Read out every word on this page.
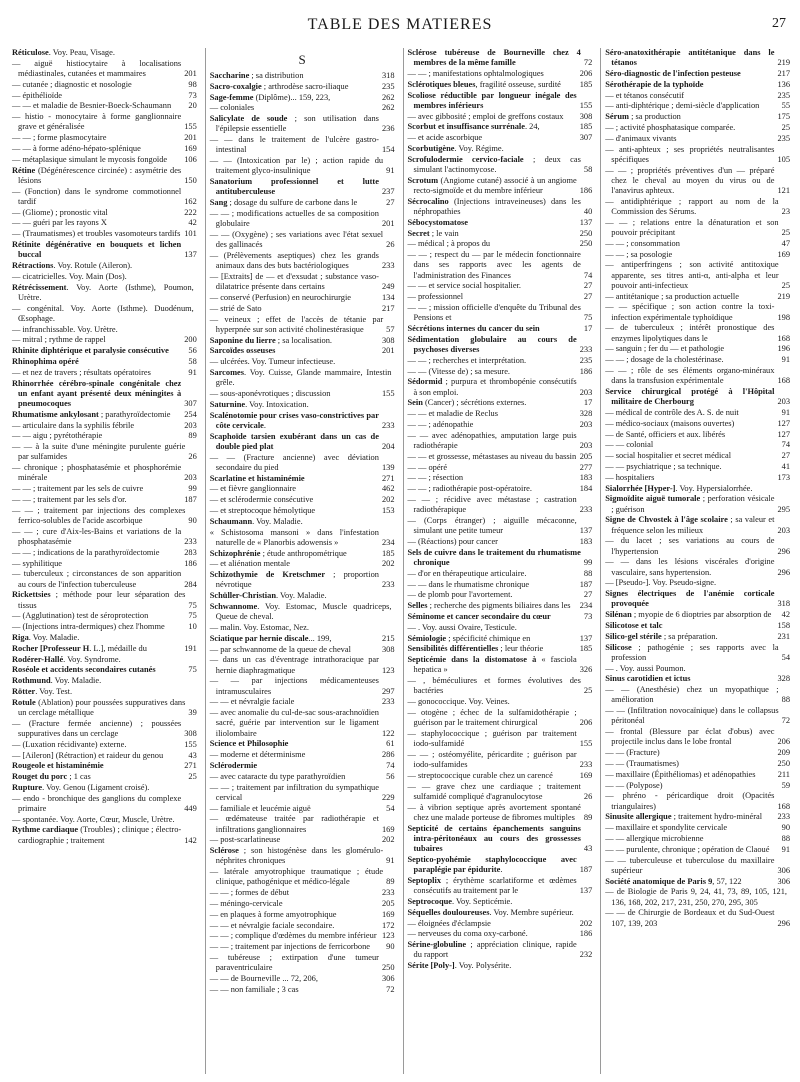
TABLE DES MATIERES	27
Réticulose. Voy. Peau, Visage.
— aiguë histiocytaire à localisations médiastinales, cutanées et mammaires	201
— cutanée ; diagnostic et nosologie	98
— épithélioïde	73
— — et maladie de Besnier-Boeck-Schaumann	20
— histio - monocytaire à forme ganglionnaire grave et généralisée	155
— — ; forme plasmocytaire	201
— — à forme adéno-hépato-splénique	169
— métaplasique simulant le mycosis fongoïde	106
Rétine (Dégénérescence circinée) : asymétrie des lésions	150
— (Fonction) dans le syndrome commotionnel tardif	162
— (Gliome) ; pronostic vital	222
— — guéri par les rayons X	42
— (Traumatismes) et troubles vasomoteurs tardifs 101
Rétinite dégénérative en bouquets et lichen buccal	137
Rétractions. Voy. Rotule (Aileron).
— cicatricielles. Voy. Main (Dos).
Rétrécissement. Voy. Aorte (Isthme), Poumon, Urètre.
— congénital. Voy. Aorte (Isthme). Duodénum, Œsophage.
— infranchissable. Voy. Urètre.
— mitral ; rythme de rappel	200
Rhinite diphtérique et paralysie consécutive	56
Rhinophima opéré	58
— et nez de travers ; résultats opératoires	91
Rhinorrhée cérébro-spinale congénitale chez un enfant ayant présenté deux méningites à pneumocoques	307
Rhumatisme ankylosant ; parathyroïdectomie	254
— articulaire dans la syphilis fébrile	203
— — aigu ; pyrétothérapie	89
— — à la suite d'une méningite purulente guérie par sulfamides	26
— chronique ; phosphatasémie et phosphorémie minérale	203
— — ; traitement par les sels de cuivre	99
— — ; traitement par les sels d'or.	187
— — ; traitement par injections des complexes ferrico-solubles de l'acide ascorbique	90
— — ; cure d'Aix-les-Bains et variations de la phosphatasémie	233
— — ; indications de la parathyroïdectomie	283
— syphilitique	186
— tuberculeux ; circonstances de son apparition au cours de l'infection tuberculeuse	284
Rickettsies ; méthode pour leur séparation des tissus	75
— (Agglutination) test de séroprotection	75
— (Injections intra-dermiques) chez l'homme	10
Riga. Voy. Maladie.
Rocher [Professeur H. L.], médaille du	191
Rodérer-Hallé. Voy. Syndrome.
Roséole et accidents secondaires cutanés	75
Rothmund. Voy. Maladie.
Rötter. Voy. Test.
Rotule (Ablation) pour poussées suppuratives dans un cerclage métallique	39
— (Fracture fermée ancienne) ; poussées suppuratives dans un cerclage	308
— (Luxation récidivante) externe.	155
— [Aileron] (Rétraction) et raideur du genou	43
Rougeole et histaminémie	271
Rouget du porc ; 1 cas	25
Rupture. Voy. Genou (Ligament croisé).
— endo - bronchique des ganglions du complexe primaire	449
— spontanée. Voy. Aorte, Cœur, Muscle, Urètre.
Rythme cardiaque (Troubles) ; clinique ; électro-cardiographie ; traitement	142
S
Saccharine ; sa distribution	318
Sacro-coxalgie ; arthrodèse sacro-iliaque	235
Sage-femme (Diplôme)... 159, 223,	262
— coloniales	262
Salicylate de soude ; son utilisation dans l'épilepsie essentielle	236
— — dans le traitement de l'ulcère gastro-intestinal	154
— — (Intoxication par le) ; action rapide du traitement glyco-insulinique	91
Sanatorium professionnel et lutte antituberculeuse	237
Sang ; dosage du sulfure de carbone dans le	27
— — ; modifications actuelles de sa composition globulaire	201
— — (Oxygène) ; ses variations avec l'état sexuel des gallinacés	26
— (Prélèvements aseptiques) chez les grands animaux dans des buts bactériologiques	233
— [Extraits] de — et d'exsudat ; substance vaso-dilatatrice présente dans certains	249
— conservé (Perfusion) en neurochirurgie	134
— strié de Sato	217
— veineux ; effet de l'accès de tétanie par hyperpnée sur son activité cholinestérasique	57
Saponine du lierre ; sa localisation.	308
Sarcoïdes osseuses	201
— ulcérées. Voy. Tumeur infectieuse.
Sarcomes. Voy. Cuisse, Glande mammaire, Intestin grêle.
— sous-aponévrotiques ; discussion	155
Saturnine. Voy. Intoxication.
Scalénotomie pour crises vaso-constrictives par côte cervicale.	233
Scaphoïde tarsien exubérant dans un cas de double pied plat	204
— — (Fracture ancienne) avec déviation secondaire du pied	139
Scarlatine et histaminémie	271
— et fièvre ganglionnaire	462
— et sclérodermie consécutive	202
— et streptocoque hémolytique	153
Schaumann. Voy. Maladie.
« Schistosoma mansoni » dans l'infestation naturelle de « Planorbis adowensis »	234
Schizophrénie ; étude anthropométrique	185
— et aliénation mentale	202
Schizothymie de Kretschmer ; proportion névrotique	233
Schüller-Christian. Voy. Maladie.
Schwannome. Voy. Estomac, Muscle quadriceps, Queue de cheval.
— malin. Voy. Estomac, Nez.
Sciatique par hernie discale... 199,	215
— par schwannome de la queue de cheval	308
— dans un cas d'éventrage intrathoracique par hernie diaphragmatique	123
— — par injections médicamenteuses intramusculaires	297
— — et névralgie faciale	233
— avec anomalie du cul-de-sac sous-arachnoïdien sacré, guérie par intervention sur le ligament iliolombaire	122
Science et Philosophie	61
— moderne et déterminisme	286
Sclérodermie	74
— avec cataracte du type parathyroïdien	56
— — ; traitement par infiltration du sympathique cervical	229
— familiale et leucémie aiguë	54
— œdémateuse traitée par radiothérapie et infiltrations ganglionnaires	169
— post-scarlatineuse	202
Sclérose ; son histogénèse dans les glomérulo-néphrites chroniques	91
— latérale amyotrophique traumatique ; étude clinique, pathogénique et médico-légale	89
— — ; formes de début	233
— méningo-cervicale	205
— en plaques à forme amyotrophique	169
— — et névralgie faciale secondaire.	172
— — ; complique d'œdèmes du membre inférieur 123
— — ; traitement par injections de ferricorbone	90
— tubéreuse ; extirpation d'une tumeur paraventriculaire	250
— — de Bourneville ... 72, 206,	306
— — non familiale ; 3 cas	72
Sclérose tubéreuse de Bourneville chez 4 membres de la même famille	72
— — ; manifestations ophtalmologiques	206
Sclérotiques bleues, fragilité osseuse, surdité	185
Scoliose réductible par longueur inégale des membres inférieurs	155
— avec gibbosité ; emploi de greffons costaux	308
Scorbut et insuffisance surrénale. 24,	185
— et acide ascorbique	307
Scorbutigène. Voy. Régime.
Scrofulodermie cervico-faciale ; deux cas simulant l'actinomycose.	58
Scrotum (Angiome cutané) associé à un angiome recto-sigmoïde et du membre inférieur	186
Sécrocalino (Injections intraveineuses) dans les néphropathies	40
Sébocystomatose	137
Secret ; le vain	250
— médical ; à propos du	250
— — ; respect du — par le médecin fonctionnaire dans ses rapports avec les agents de l'administration des Finances	74
— — et service social hospitalier.	27
— professionnel	27
— — ; mission officielle d'enquête du Tribunal des Pensions et	75
Sécrétions internes du cancer du sein	17
Sédimentation globulaire au cours de psychoses diverses	233
— — ; recherches et interprétation.	235
— — (Vitesse de) ; sa mesure.	186
Sédormid ; purpura et thrombopénie consécutifs à son emploi.	203
Sein (Cancer) ; sécrétions externes.	17
— — et maladie de Reclus	328
— — ; adénopathie	203
— — avec adénopathies, amputation large puis radiothérapie	203
— — et grossesse, métastases au niveau du bassin 205
— — opéré	277
— — ; résection	183
— — ; radiothérapie post-opératoire.	184
— — ; récidive avec métastase ; castration radiothérapique	233
— (Corps étranger) ; aiguille mécaconne, simulant une petite tumeur	137
— (Réactions) pour cancer	183
Sels de cuivre dans le traitement du rhumatisme chronique	99
— d'or en thérapeutique articulaire.	88
— — dans le rhumatisme chronique	187
— de plomb pour l'avortement.	27
Selles ; recherche des pigments biliaires dans les	234
Séminome et cancer secondaire du cœur	73
— . Voy. aussi Ovaire, Testicule.
Sémiologie ; spécificité chimique en	137
Sensibilités différentielles ; leur théorie	185
Septicémie dans la distomatose à « fasciola hepatica »	326
— , béméculiures et formes évolutives des bactéries	25
— gonococcique. Voy. Veines.
— otogène ; échec de la sulfamidothérapie ; guérison par le traitement chirurgical	206
— staphylococcique ; guérison par traitement iodo-sulfamidé	155
— — ; ostéomyélite, péricardite ; guérison par iodo-sulfamides	233
— streptococcique curable chez un carencé	169
— — grave chez une cardiaque ; traitement sulfamidé compliqué d'agranulocytose	26
— à vibrion septique après avortement spontané chez une malade porteuse de fibromes multiples	89
Septicité de certains épanchements sanguins intra-péritonéaux au cours des grossesses tubaires	43
Septico-pyohémie staphylococcique avec paraplégie par épidurite.	187
Septoplix ; érythème scarlatiforme et œdèmes consécutifs au traitement par le	137
Septrocoque. Voy. Septicémie.
Séquelles douloureuses. Voy. Membre supérieur.
— éloignées d'éclampsie	202
— nerveuses du coma oxy-carboné.	186
Sérine-globuline ; appréciation clinique, rapide du rapport	232
Sérite [Poly-]. Voy. Polysérite.
Séro-anatoxithérapie antitétanique dans le tétanos	219
Séro-diagnostic de l'infection pesteuse	217
Sérothérapie de la typhoïde	136
— et tétanos consécutif	235
— anti-diphtérique ; demi-siècle d'application	55
Sérum ; sa production	175
— ; activité phosphatasique comparée.	25
— d'animaux vivants	235
— anti-aphteux ; ses propriétés neutralisantes spécifiques	105
— — ; propriétés préventives d'un — préparé chez le cheval au moyen du virus ou de l'anavirus aphteux.	121
— antidiphtérique ; rapport au nom de la Commission des Sérums.	23
— — ; relations entre la dénaturation et son pouvoir précipitant	25
— — ; consommation	47
— — ; sa posologie	169
— antiperfringens ; son activité antitoxique apparente, ses titres anti-α, anti-alpha et leur pouvoir anti-infectieux	25
— antitétanique ; sa production actuelle	219
— — spécifique ; son action contre la toxi-infection expérimentale typhoïdique	198
— de tuberculeux ; intérêt pronostique des enzymes lipolytiques dans le	168
— sanguin ; fer du — et pathologie	196
— — ; dosage de la cholestérinase.	91
— — ; rôle de ses éléments organo-minéraux dans la transfusion expérimentale	168
Service chirurgical protégé à l'Hôpital militaire de Cherbourg	203
— médical de contrôle des A. S. de nuit	91
— médico-sociaux (maisons ouvertes)	127
— de Santé, officiers et aux. libérés	127
— — colonial	74
— social hospitalier et secret médical	27
— — psychiatrique ; sa technique.	41
— hospitaliers	173
Sialorrhée [Hyper-]. Voy. Hypersialorrhée.
Sigmoïdite aiguë tumorale ; perforation vésicale ; guérison	295
Signe de Chvostek à l'âge scolaire ; sa valeur et fréquence selon les milieux	203
— du lacet ; ses variations au cours de l'hypertension	296
— — dans les lésions viscérales d'origine vasculaire, sans hypertension.	296
— [Pseudo-]. Voy. Pseudo-signe.
Signes électriques de l'anémie corticale provoquée	318
Silénan ; myopie de 6 dioptries par absorption de	42
Silicotose et talc	158
Silico-gel stérile ; sa préparation.	231
Silicose ; pathogénie ; ses rapports avec la profession	54
— . Voy. aussi Poumon.
Sinus carotidien et ictus	328
— — (Anesthésie) chez un myopathique ; amélioration	88
— — (Infiltration novocaïnique) dans le collapsus péritonéal	72
— frontal (Blessure par éclat d'obus) avec projectile inclus dans le lobe frontal	206
— — (Fracture)	209
— — (Traumatismes)	250
— maxillaire (Épithéliomas) et adénopathies	211
— — (Polypose)	59
— phréno - péricardique droit (Opacités triangulaires)	168
Sinusite allergique ; traitement hydro-minéral	233
— maxillaire et spondylite cervicale	90
— — allergique microbienne	88
— — purulente, chronique ; opération de Claoué	91
— — tuberculeuse et tuberculose du maxillaire supérieur	306
Société anatomique de Paris 9, 57, 122	306
— de Biologie de Paris 9, 24, 41, 73, 89, 105, 121, 136, 168, 202, 217, 231, 250, 270, 295, 305
— — de Chirurgie de Bordeaux et du Sud-Ouest 107, 139, 203	296
